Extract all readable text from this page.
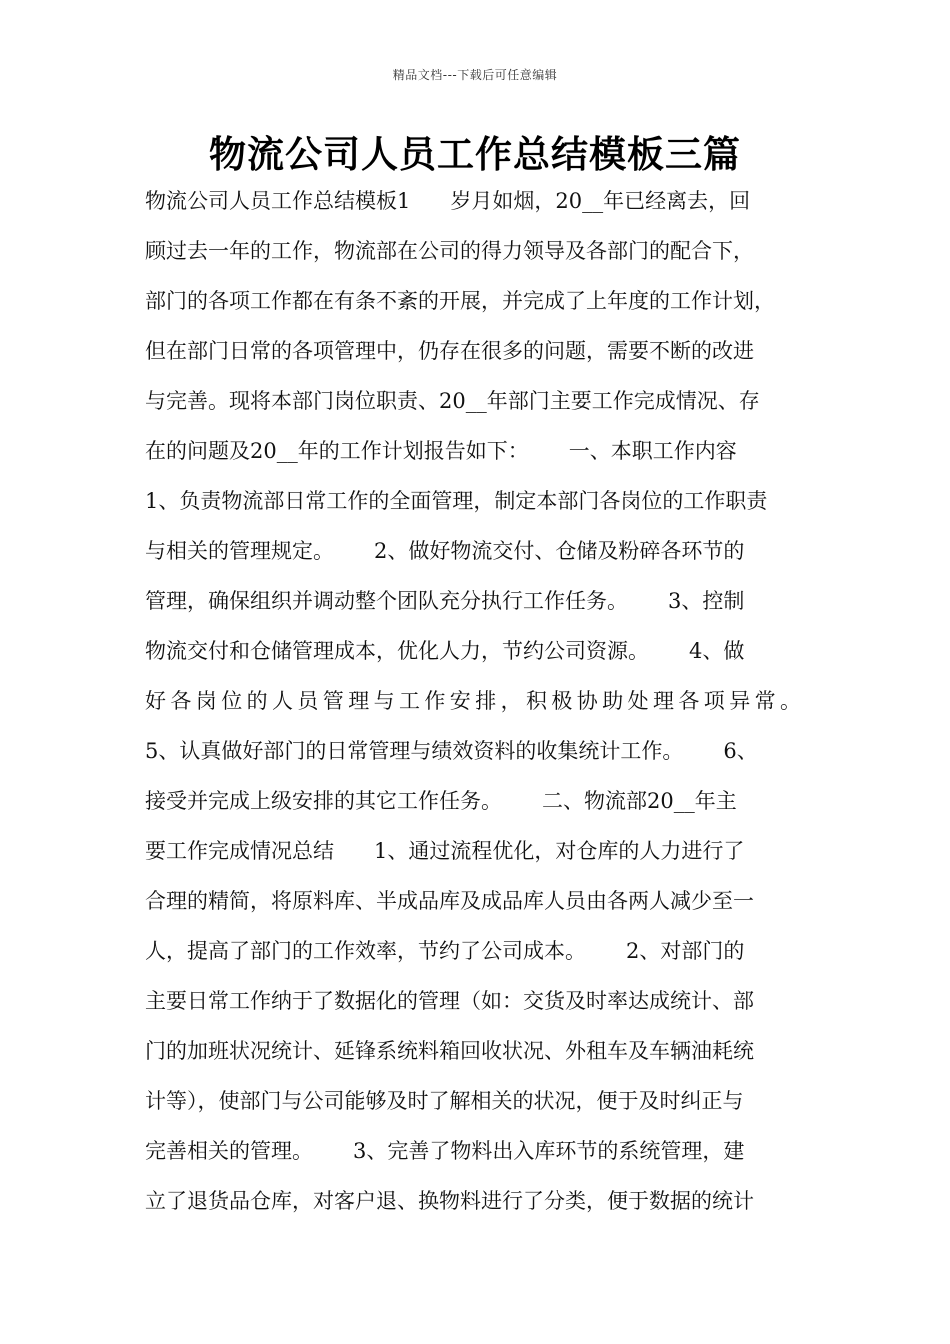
精品文档---下载后可任意编辑
物流公司人员工作总结模板三篇
物流公司人员工作总结模板1      岁月如烟，20__年已经离去，回
顾过去一年的工作，物流部在公司的得力领导及各部门的配合下，
部门的各项工作都在有条不紊的开展，并完成了上年度的工作计划，
但在部门日常的各项管理中，仍存在很多的问题，需要不断的改进
与完善。现将本部门岗位职责、20__年部门主要工作完成情况、存
在的问题及20__年的工作计划报告如下：      一、本职工作内容
1、负责物流部日常工作的全面管理，制定本部门各岗位的工作职责
与相关的管理规定。      2、做好物流交付、仓储及粉碎各环节的
管理，确保组织并调动整个团队充分执行工作任务。      3、控制
物流交付和仓储管理成本，优化人力，节约公司资源。      4、做
好各岗位的人员管理与工作安排，积极协助处理各项异常。
5、认真做好部门的日常管理与绩效资料的收集统计工作。      6、
接受并完成上级安排的其它工作任务。      二、物流部20__年主
要工作完成情况总结      1、通过流程优化，对仓库的人力进行了
合理的精简，将原料库、半成品库及成品库人员由各两人减少至一
人，提高了部门的工作效率，节约了公司成本。      2、对部门的
主要日常工作纳于了数据化的管理（如：交货及时率达成统计、部
门的加班状况统计、延锋系统料箱回收状况、外租车及车辆油耗统
计等），使部门与公司能够及时了解相关的状况，便于及时纠正与
完善相关的管理。      3、完善了物料出入库环节的系统管理，建
立了退货品仓库，对客户退、换物料进行了分类，便于数据的统计
